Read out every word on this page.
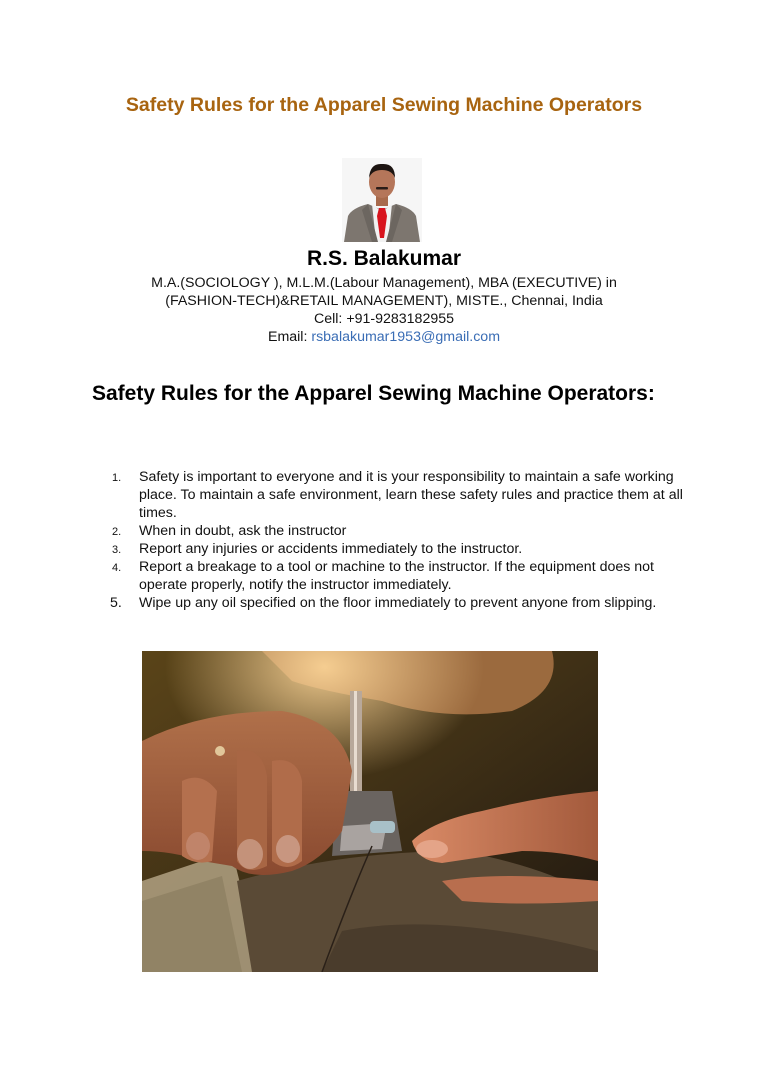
Safety Rules for the Apparel Sewing Machine Operators
R.S. Balakumar
M.A.(SOCIOLOGY ), M.L.M.(Labour Management), MBA (EXECUTIVE) in
(FASHION-TECH)&RETAIL MANAGEMENT), MISTE., Chennai, India
Cell: +91-9283182955
Email: rsbalakumar1953@gmail.com
Safety Rules for the Apparel Sewing Machine Operators:
1. Safety is important to everyone and it is your responsibility to maintain a safe working place. To maintain a safe environment, learn these safety rules and practice them at all times.
2. When in doubt, ask the instructor
3. Report any injuries or accidents immediately to the instructor.
4. Report a breakage to a tool or machine to the instructor. If the equipment does not operate properly, notify the instructor immediately.
5. Wipe up any oil specified on the floor immediately to prevent anyone from slipping.
